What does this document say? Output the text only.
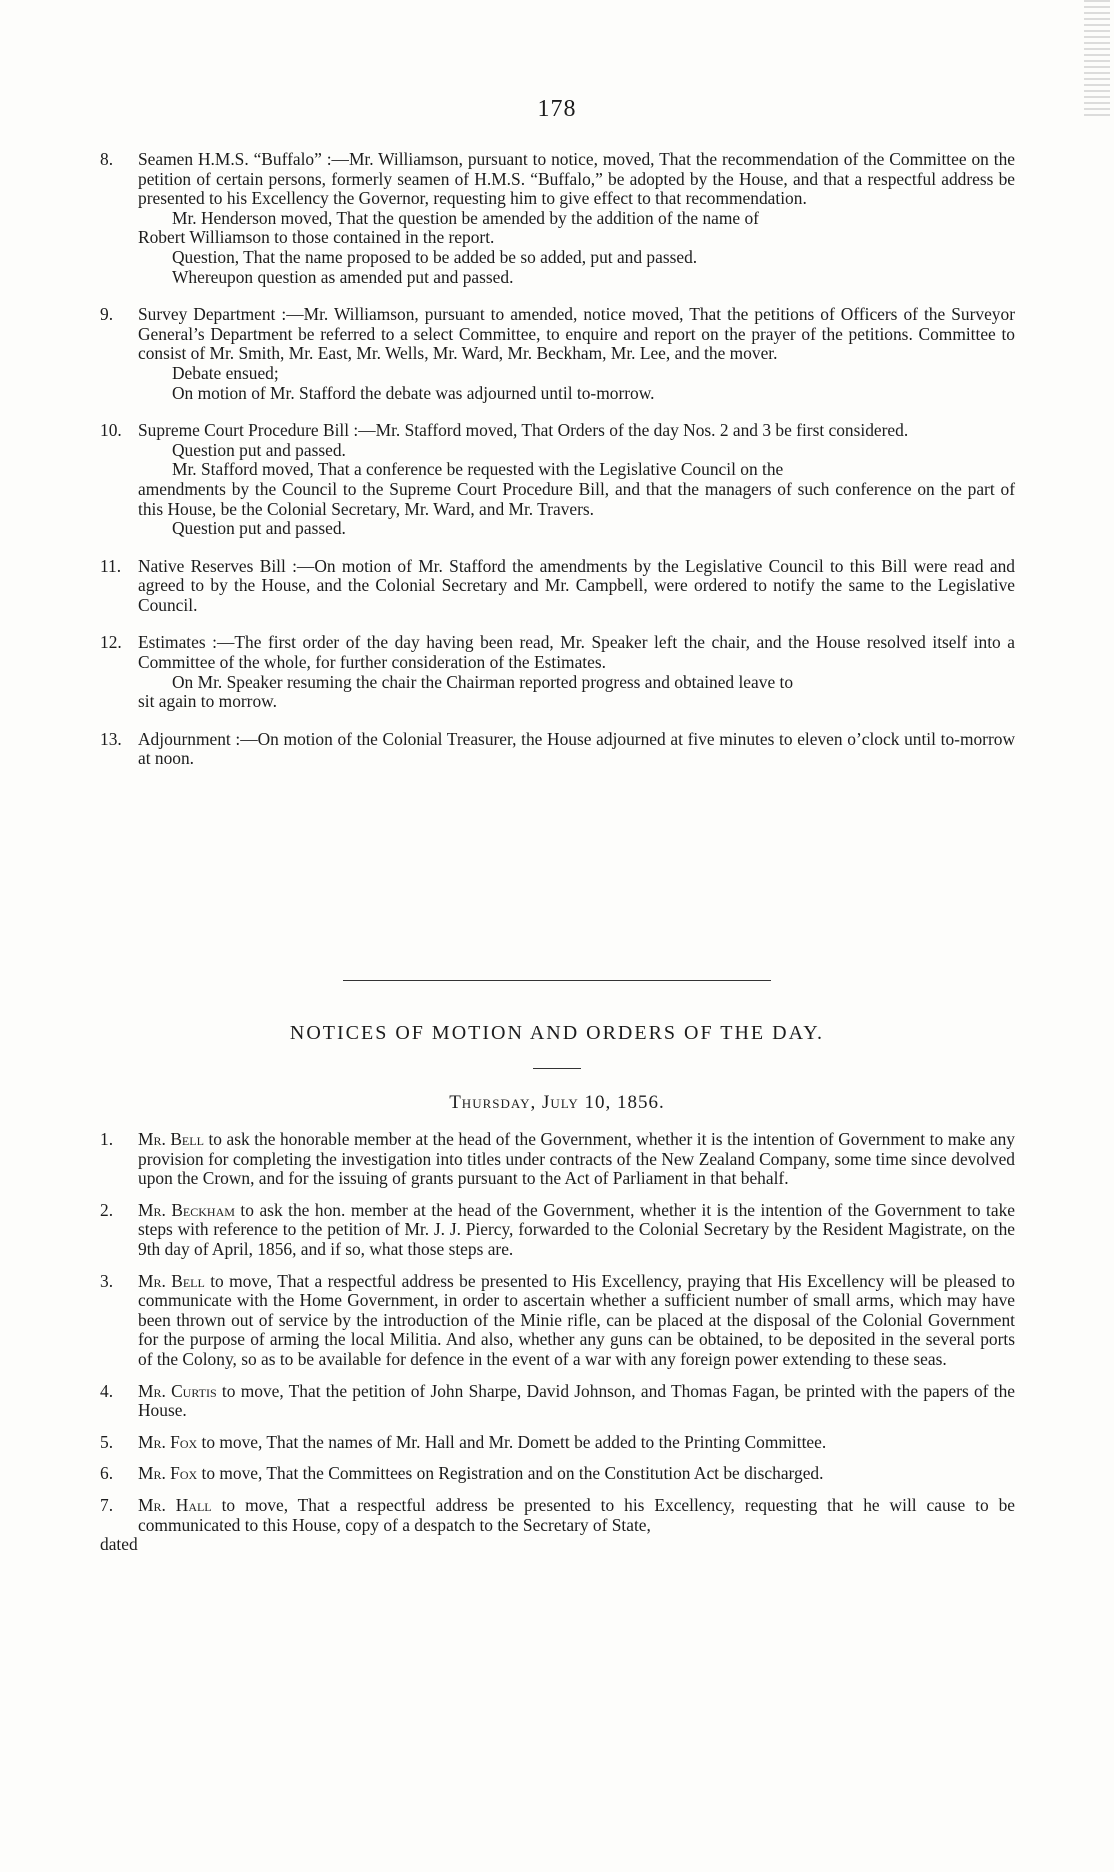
178
8. Seamen H.M.S. “Buffalo” :—Mr. Williamson, pursuant to notice, moved, That the recommendation of the Committee on the petition of certain persons, formerly seamen of H.M.S. “Buffalo,” be adopted by the House, and that a respectful address be presented to his Excellency the Governor, requesting him to give effect to that recommendation.
Mr. Henderson moved, That the question be amended by the addition of the name of
Robert Williamson to those contained in the report.
Question, That the name proposed to be added be so added, put and passed.
Whereupon question as amended put and passed.
9. Survey Department :—Mr. Williamson, pursuant to amended, notice moved, That the petitions of Officers of the Surveyor General’s Department be referred to a select Committee, to enquire and report on the prayer of the petitions. Committee to consist of Mr. Smith, Mr. East, Mr. Wells, Mr. Ward, Mr. Beckham, Mr. Lee, and the mover.
Debate ensued;
On motion of Mr. Stafford the debate was adjourned until to-morrow.
10. Supreme Court Procedure Bill :—Mr. Stafford moved, That Orders of the day Nos. 2 and 3 be first considered.
Question put and passed.
Mr. Stafford moved, That a conference be requested with the Legislative Council on the
amendments by the Council to the Supreme Court Procedure Bill, and that the managers of such conference on the part of this House, be the Colonial Secretary, Mr. Ward, and Mr. Travers.
Question put and passed.
11. Native Reserves Bill :—On motion of Mr. Stafford the amendments by the Legislative Council to this Bill were read and agreed to by the House, and the Colonial Secretary and Mr. Campbell, were ordered to notify the same to the Legislative Council.
12. Estimates :—The first order of the day having been read, Mr. Speaker left the chair, and the House resolved itself into a Committee of the whole, for further consideration of the Estimates.
On Mr. Speaker resuming the chair the Chairman reported progress and obtained leave to
sit again to morrow.
13. Adjournment :—On motion of the Colonial Treasurer, the House adjourned at five minutes to eleven o’clock until to-morrow at noon.
NOTICES OF MOTION AND ORDERS OF THE DAY.
Thursday, July 10, 1856.
1. Mr. Bell to ask the honorable member at the head of the Government, whether it is the intention of Government to make any provision for completing the investigation into titles under contracts of the New Zealand Company, some time since devolved upon the Crown, and for the issuing of grants pursuant to the Act of Parliament in that behalf.
2. Mr. Beckham to ask the hon. member at the head of the Government, whether it is the intention of the Government to take steps with reference to the petition of Mr. J. J. Piercy, forwarded to the Colonial Secretary by the Resident Magistrate, on the 9th day of April, 1856, and if so, what those steps are.
3. Mr. Bell to move, That a respectful address be presented to His Excellency, praying that His Excellency will be pleased to communicate with the Home Government, in order to ascertain whether a sufficient number of small arms, which may have been thrown out of service by the introduction of the Minie rifle, can be placed at the disposal of the Colonial Government for the purpose of arming the local Militia. And also, whether any guns can be obtained, to be deposited in the several ports of the Colony, so as to be available for defence in the event of a war with any foreign power extending to these seas.
4. Mr. Curtis to move, That the petition of John Sharpe, David Johnson, and Thomas Fagan, be printed with the papers of the House.
5. Mr. Fox to move, That the names of Mr. Hall and Mr. Domett be added to the Printing Committee.
6. Mr. Fox to move, That the Committees on Registration and on the Constitution Act be discharged.
7. Mr. Hall to move, That a respectful address be presented to his Excellency, requesting that he will cause to be communicated to this House, copy of a despatch to the Secretary of State,
dated
